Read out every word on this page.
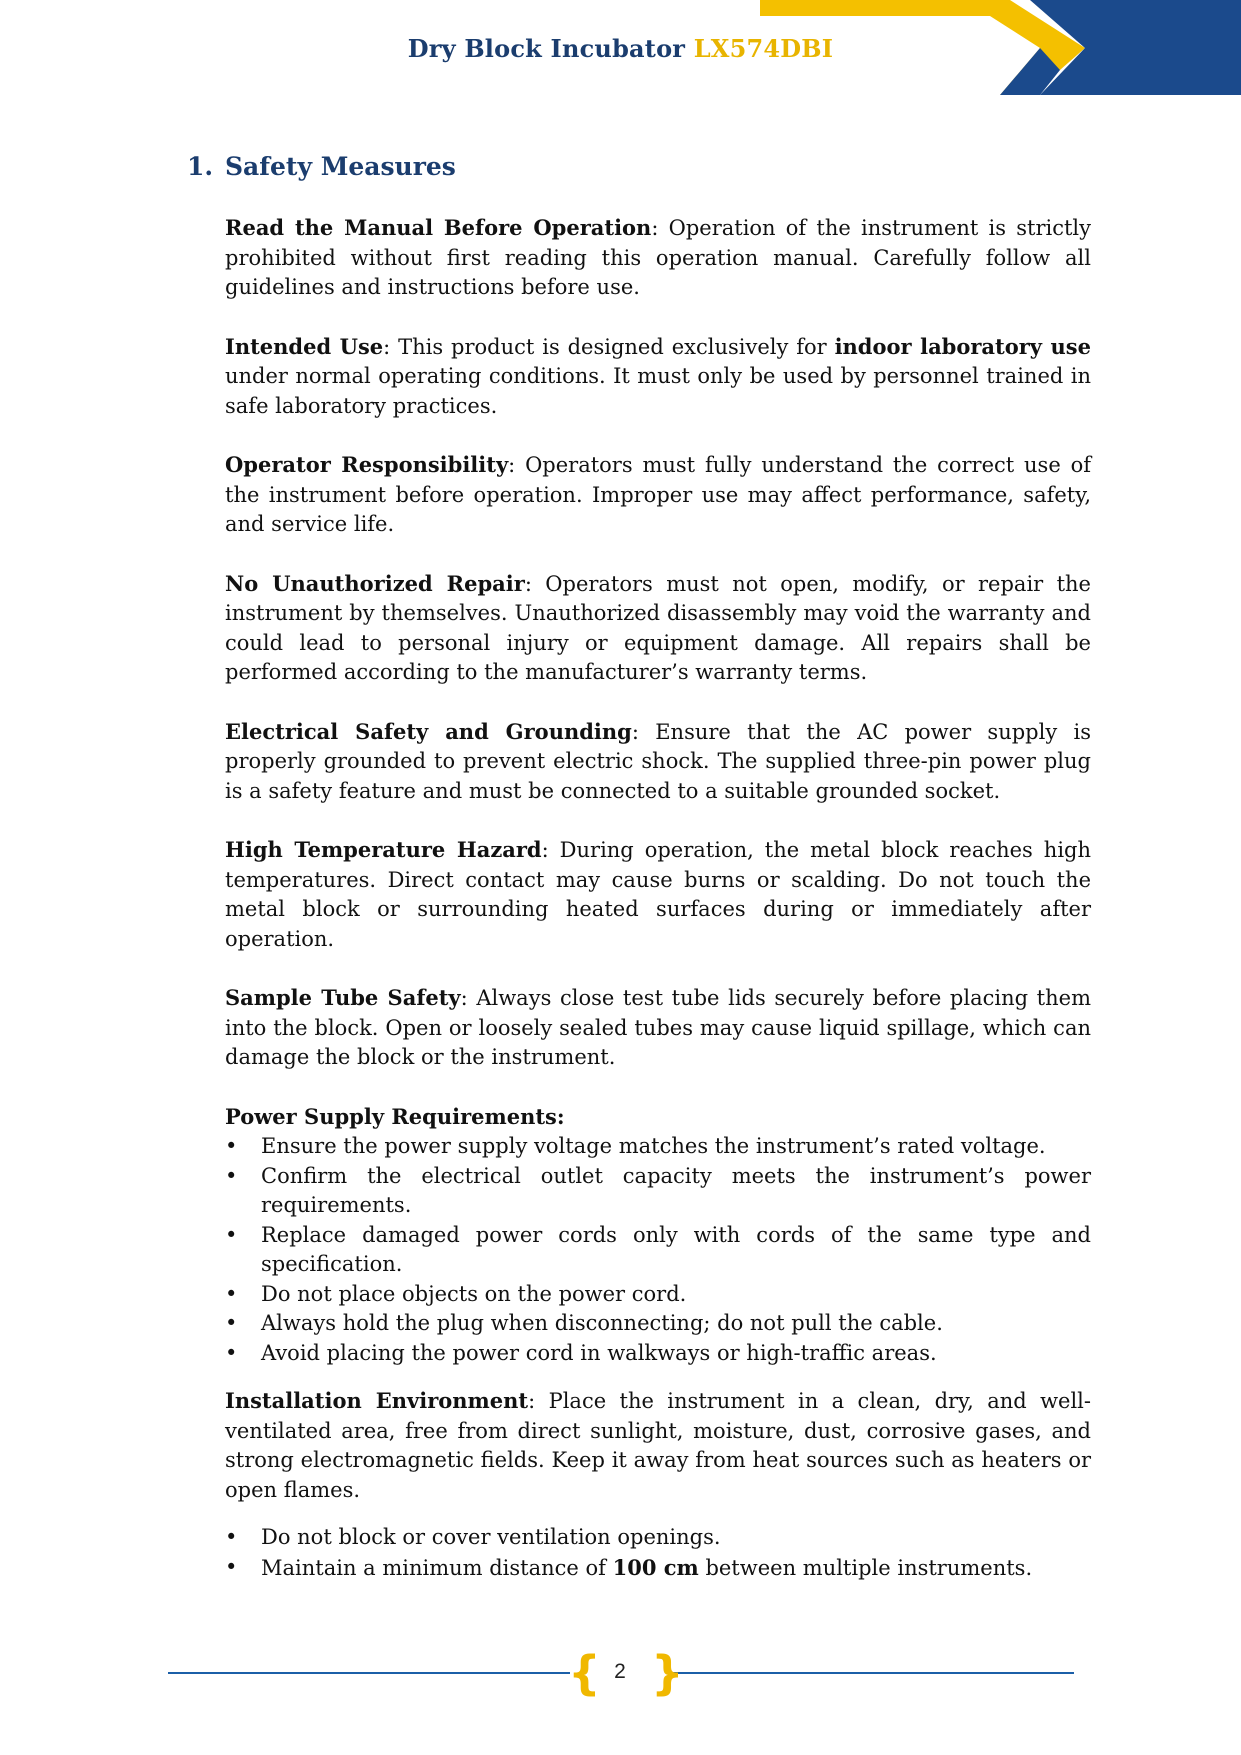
Dry Block Incubator LX574DBI
1. Safety Measures

Read the Manual Before Operation: Operation of the instrument is strictly prohibited without first reading this operation manual. Carefully follow all guidelines and instructions before use.

Intended Use: This product is designed exclusively for indoor laboratory use under normal operating conditions. It must only be used by personnel trained in safe laboratory practices.

Operator Responsibility: Operators must fully understand the correct use of the instrument before operation. Improper use may affect performance, safety, and service life.

No Unauthorized Repair: Operators must not open, modify, or repair the instrument by themselves. Unauthorized disassembly may void the warranty and could lead to personal injury or equipment damage. All repairs shall be performed according to the manufacturer’s warranty terms.

Electrical Safety and Grounding: Ensure that the AC power supply is properly grounded to prevent electric shock. The supplied three-pin power plug is a safety feature and must be connected to a suitable grounded socket.

High Temperature Hazard: During operation, the metal block reaches high temperatures. Direct contact may cause burns or scalding. Do not touch the metal block or surrounding heated surfaces during or immediately after operation.

Sample Tube Safety: Always close test tube lids securely before placing them into the block. Open or loosely sealed tubes may cause liquid spillage, which can damage the block or the instrument.

Power Supply Requirements:

• Ensure the power supply voltage matches the instrument’s rated voltage.
• Confirm the electrical outlet capacity meets the instrument’s power requirements.
• Replace damaged power cords only with cords of the same type and specification.
• Do not place objects on the power cord.
• Always hold the plug when disconnecting; do not pull the cable.
• Avoid placing the power cord in walkways or high-traffic areas.

Installation Environment: Place the instrument in a clean, dry, and well-ventilated area, free from direct sunlight, moisture, dust, corrosive gases, and strong electromagnetic fields. Keep it away from heat sources such as heaters or open flames.

• Do not block or cover ventilation openings.
• Maintain a minimum distance of 100 cm between multiple instruments.
{ }
2
